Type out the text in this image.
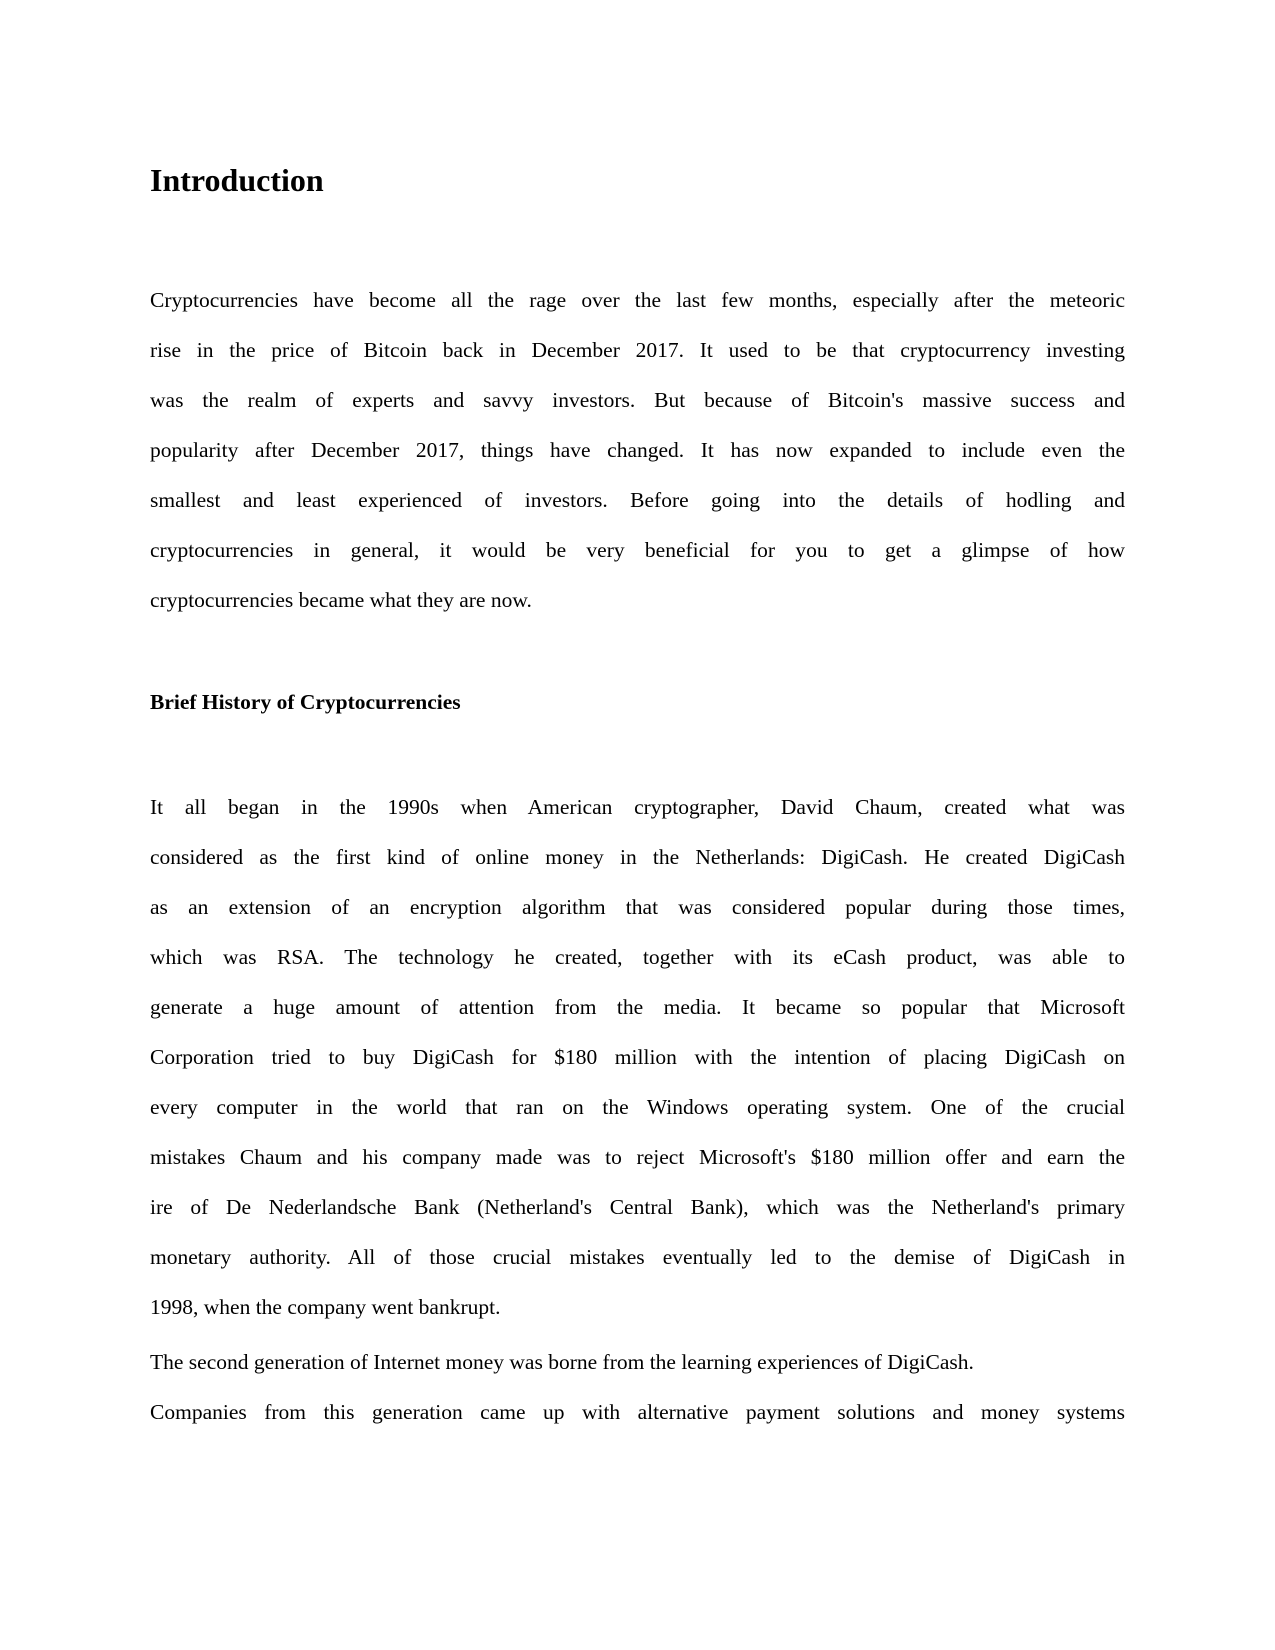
Introduction
Cryptocurrencies have become all the rage over the last few months, especially after the meteoric
rise in the price of Bitcoin back in December 2017. It used to be that cryptocurrency investing
was the realm of experts and savvy investors. But because of Bitcoin's massive success and
popularity after December 2017, things have changed. It has now expanded to include even the
smallest and least experienced of investors. Before going into the details of hodling and
cryptocurrencies in general, it would be very beneficial for you to get a glimpse of how
cryptocurrencies became what they are now.
Brief History of Cryptocurrencies
It all began in the 1990s when American cryptographer, David Chaum, created what was
considered as the first kind of online money in the Netherlands: DigiCash. He created DigiCash
as an extension of an encryption algorithm that was considered popular during those times,
which was RSA. The technology he created, together with its eCash product, was able to
generate a huge amount of attention from the media. It became so popular that Microsoft
Corporation tried to buy DigiCash for $180 million with the intention of placing DigiCash on
every computer in the world that ran on the Windows operating system. One of the crucial
mistakes Chaum and his company made was to reject Microsoft's $180 million offer and earn the
ire of De Nederlandsche Bank (Netherland's Central Bank), which was the Netherland's primary
monetary authority. All of those crucial mistakes eventually led to the demise of DigiCash in
1998, when the company went bankrupt.
The second generation of Internet money was borne from the learning experiences of DigiCash.
Companies from this generation came up with alternative payment solutions and money systems
